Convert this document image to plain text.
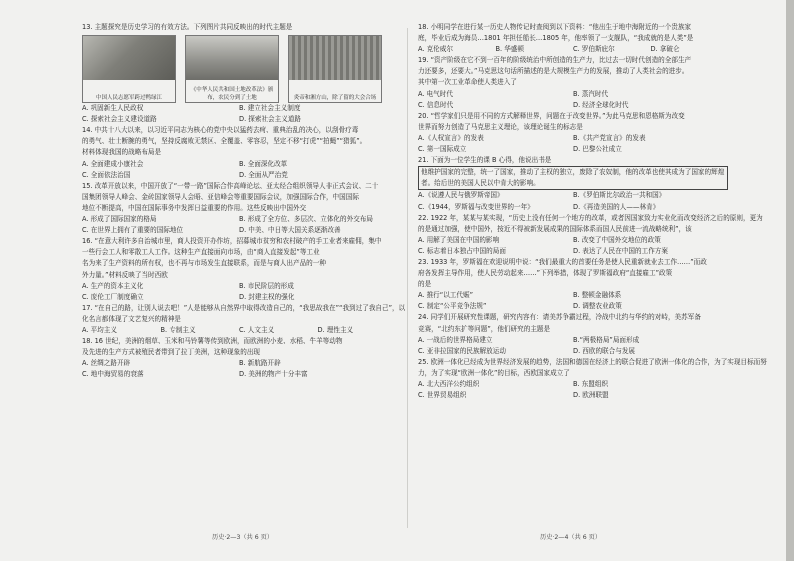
13. 主题探究是历史学习的有效方法。下列图片共同反映出的时代主题是
中国人民志愿军跨过鸭绿江
《中华人民共和国土地改革法》颁布，农民分到了土地	炎帝和湘方山，除了留的大会合场
A. 巩固新生人民政权	B. 建立社会主义制度
C. 探索社会主义建设道路	D. 探索社会主义道路
14. 中共十八大以来，以习近平同志为核心的党中央以猛药去疴、重典治乱的决心，以刮骨疗毒
的勇气、壮士断腕的勇气，坚持反腐败无禁区、全覆盖、零容忍，坚定不移“打虎”“拍蝇”“猎狐”。
材料体现我国的战略布局是
A. 全面建成小康社会	B. 全面深化改革
C. 全面依法治国	D. 全面从严治党
15. 改革开放以来，中国开放了“一带一路”国际合作高峰论坛、亚太经合组织领导人非正式会议、二十
国集团领导人峰会、金砖国家领导人会晤、亚信峰会等重要国际会议，加强国际合作，中国国际
地位不断提高，中国在国际事务中发挥日益重要的作用。这些反映出中国外交
A. 形成了国际国家的格局	B. 形成了全方位、多层次、立体化的外交布局
C. 在世界上拥有了重要的国际地位	D. 中美、中日等大国关系逐渐改善
16. “在意大利许多自治城市里，商人投资开办作坊，招募城市贫穷和农村破产的手工业者来雇佣，集中
一些行会工人和零散工人工作。这种生产直接面向市场，由“商人直接发起”等工业
名为来了生产资料的所有权，也不再与市场发生直接联系，而是与商人出产品的一种
外力量。”材料反映了当时西欧
A. 生产的资本主义化	B. 市民阶层的形成
C. 庞伦工厂制度确立	D. 封建主权的强化
17. “在自己的路，让别人说去吧！”人是能够从自然界中取得改造自己的，“我思故我在”“我到过了我自己”，以
化名言都体现了文艺复兴的精神是
A. 平均主义	B. 专制主义	C. 人文主义	D. 理性主义
18. 16 世纪，美洲的烟草、玉米和马铃薯等传到欧洲，而欧洲的小麦、水稻、牛羊等动物
及先进的生产方式被殖民者带到了拉丁美洲，这种现象的出现
A. 丝绸之路开辟	B. 新航路开辟
C. 地中海贸易的衰落	D. 美洲的物产十分丰富
18. 小明同学在进行某一历史人物传记时查阅到以下资料：“他出生于地中海附近的一个贵族家
庭，毕业后成为海员…1801 年担任船长…1805 年，他率领了一支舰队，“我成就的是人类”是
A. 克伦威尔	B. 华盛顿	C. 罗伯斯庇尔	D. 拿破仑
19. “资产阶级在它不到一百年的阶级统治中所创造的生产力，比过去一切时代创造的全部生产
力还要多，还要大。”马克思这句话所描述的是大规模生产力的发展，推动了人类社会的进步。
其中第一次工业革命使人类进入了
A. 电气时代	B. 蒸汽时代
C. 信息时代	D. 经济全球化时代
20. “哲学家们只是用不同的方式解释世界，问题在于改变世界。”为此马克思和恩格斯为改变
世界而努力创造了马克思主义理论，该理论诞生的标志是
A.《人权宣言》的发表	B.《共产党宣言》的发表
C. 第一国际成立	D. 巴黎公社成立
21. 下面为一位学生的课 B 心得，他说出书是
他维护国家的完整，统一了国家，推动了主权的独立，废除了农奴制，他的改革也使其成为了国家的辉煌
者。给后世的美国人民以中肯大的影响。
A.《说遵人民与俄罗斯帝国》	B.《罗伯斯比尔政治一共和国》
C.《1944，罗斯福与改变世界的一年》	D.《再造美国的人——林肯》
22. 1922 年，某某与某实现，“历史上没有任何一个地方的改革，或者因国家致力实业化而改变经济之后的原则，更为
的是通过加强，使中国外，按近不得被新发展成果的国际体系而国人民前进一流战略统利”，该
A. 用解了美国在中国的影响	B. 改变了中国外交地位的政策
C. 标志着日本独占中国的局面	D. 表达了人民在中国的工作方案
23. 1933 年，罗斯福在欢迎说明中说：“我们最重大的首要任务是使人民重新就业去工作……”而政
府各发挥主导作用，使人民劳动起来……”下列举措，体现了罗斯福政府“直接雇工”政策
的是
A. 推行“以工代赈”	B. 整顿金融体系
C. 制定“公平竞争法规”	D. 调整农业政策
24. 同学们开展研究性课题，研究内容有：请美苏争霸过程，冷战中北约与华约的对峙，美苏军备
竞赛，“北约东扩等问题”，他们研究的主题是
A. 一战后的世界格局建立	B.“两极格局”局面形成
C. 亚非拉国家的民族解放运动	D. 西欧的联合与发展
25. 欧洲一体化已经成为世界经济发展的趋势，法国和德国在经济上的联合促进了欧洲一体化的合作，为了实现目标而努
力，为了实现“欧洲一体化”的目标，西欧国家成立了
A. 北大西洋公约组织	B. 东盟组织
C. 世界贸易组织	D. 欧洲联盟
历史·2—3（共 6 页）	历史·2—4（共 6 页）
